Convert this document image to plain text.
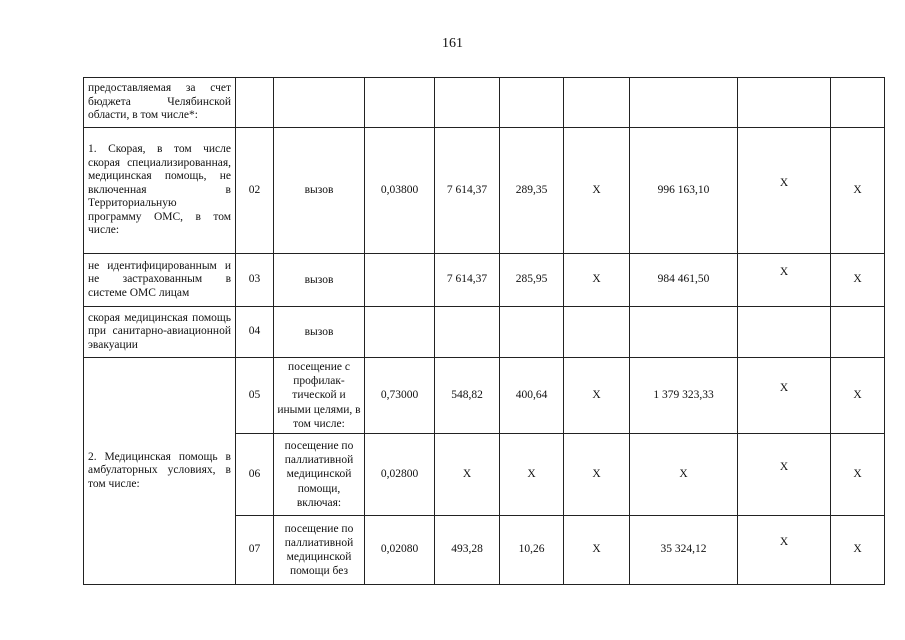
161
предоставляемая за счет бюджета Челябинской области, в том числе*:									
1. Скорая, в том числе скорая специализированная, медицинская помощь, не включенная в Территориальную программу ОМС, в том числе:	02	вызов	0,03800	7 614,37	289,35	X	996 163,10	X	X
не идентифицированным и не застрахованным в системе ОМС лицам	03	вызов		7 614,37	285,95	X	984 461,50	X	X
скорая медицинская помощь при санитарно-авиационной эвакуации	04	вызов							
2. Медицинская помощь в амбулаторных условиях, в том числе:	05	посещение с профилак-тической и иными целями, в том числе:	0,73000	548,82	400,64	X	1 379 323,33	X	X
	06	посещение по паллиативной медицинской помощи, включая:	0,02800	X	X	X	X	X	X
	07	посещение по паллиативной медицинской помощи без	0,02080	493,28	10,26	X	35 324,12	X	X
